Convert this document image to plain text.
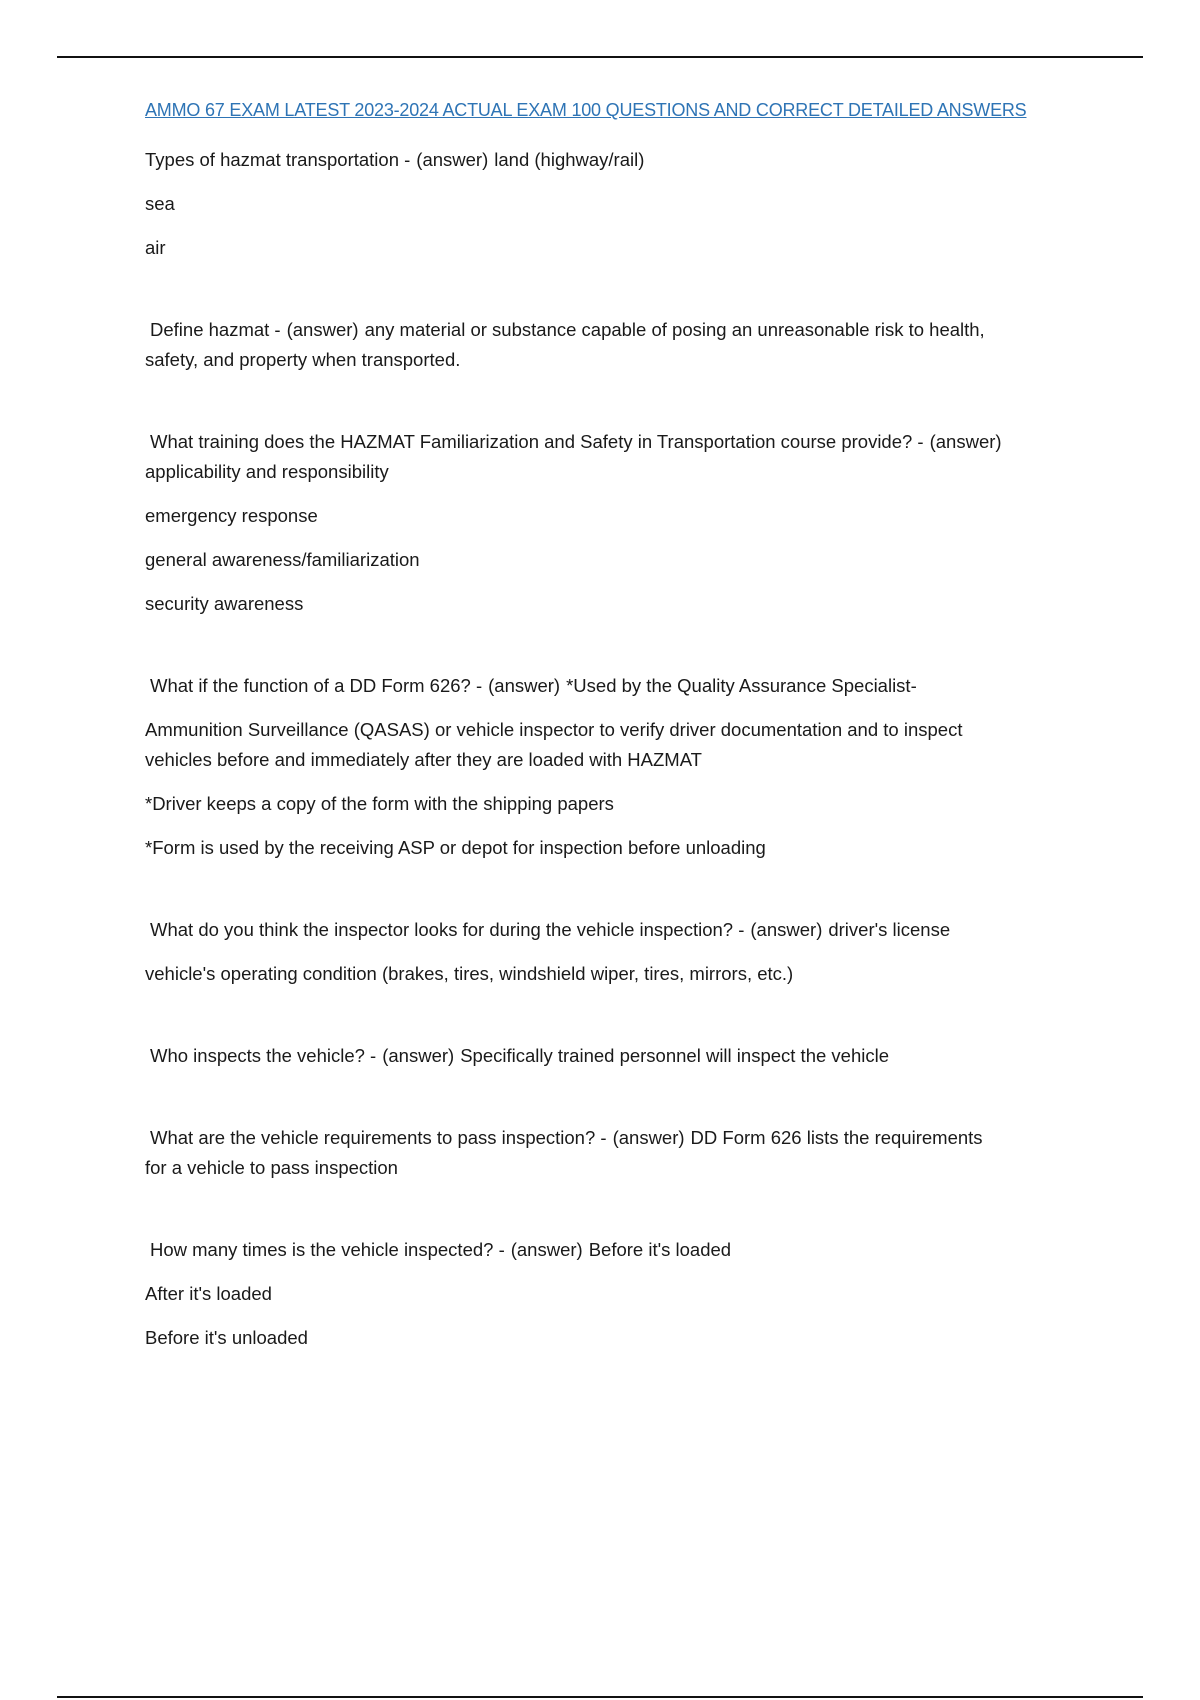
AMMO 67 EXAM LATEST 2023-2024 ACTUAL EXAM 100 QUESTIONS AND CORRECT DETAILED ANSWERS
Types of hazmat transportation - (answer) land (highway/rail)
sea
air
Define hazmat - (answer) any material or substance capable of posing an unreasonable risk to health,
safety, and property when transported.
What training does the HAZMAT Familiarization and Safety in Transportation course provide? - (answer)
applicability and responsibility
emergency response
general awareness/familiarization
security awareness
What if the function of a DD Form 626? - (answer) *Used by the Quality Assurance Specialist-
Ammunition Surveillance (QASAS) or vehicle inspector to verify driver documentation and to inspect
vehicles before and immediately after they are loaded with HAZMAT
*Driver keeps a copy of the form with the shipping papers
*Form is used by the receiving ASP or depot for inspection before unloading
What do you think the inspector looks for during the vehicle inspection? - (answer) driver's license
vehicle's operating condition (brakes, tires, windshield wiper, tires, mirrors, etc.)
Who inspects the vehicle? - (answer) Specifically trained personnel will inspect the vehicle
What are the vehicle requirements to pass inspection? - (answer) DD Form 626 lists the requirements
for a vehicle to pass inspection
How many times is the vehicle inspected? - (answer) Before it's loaded
After it's loaded
Before it's unloaded
